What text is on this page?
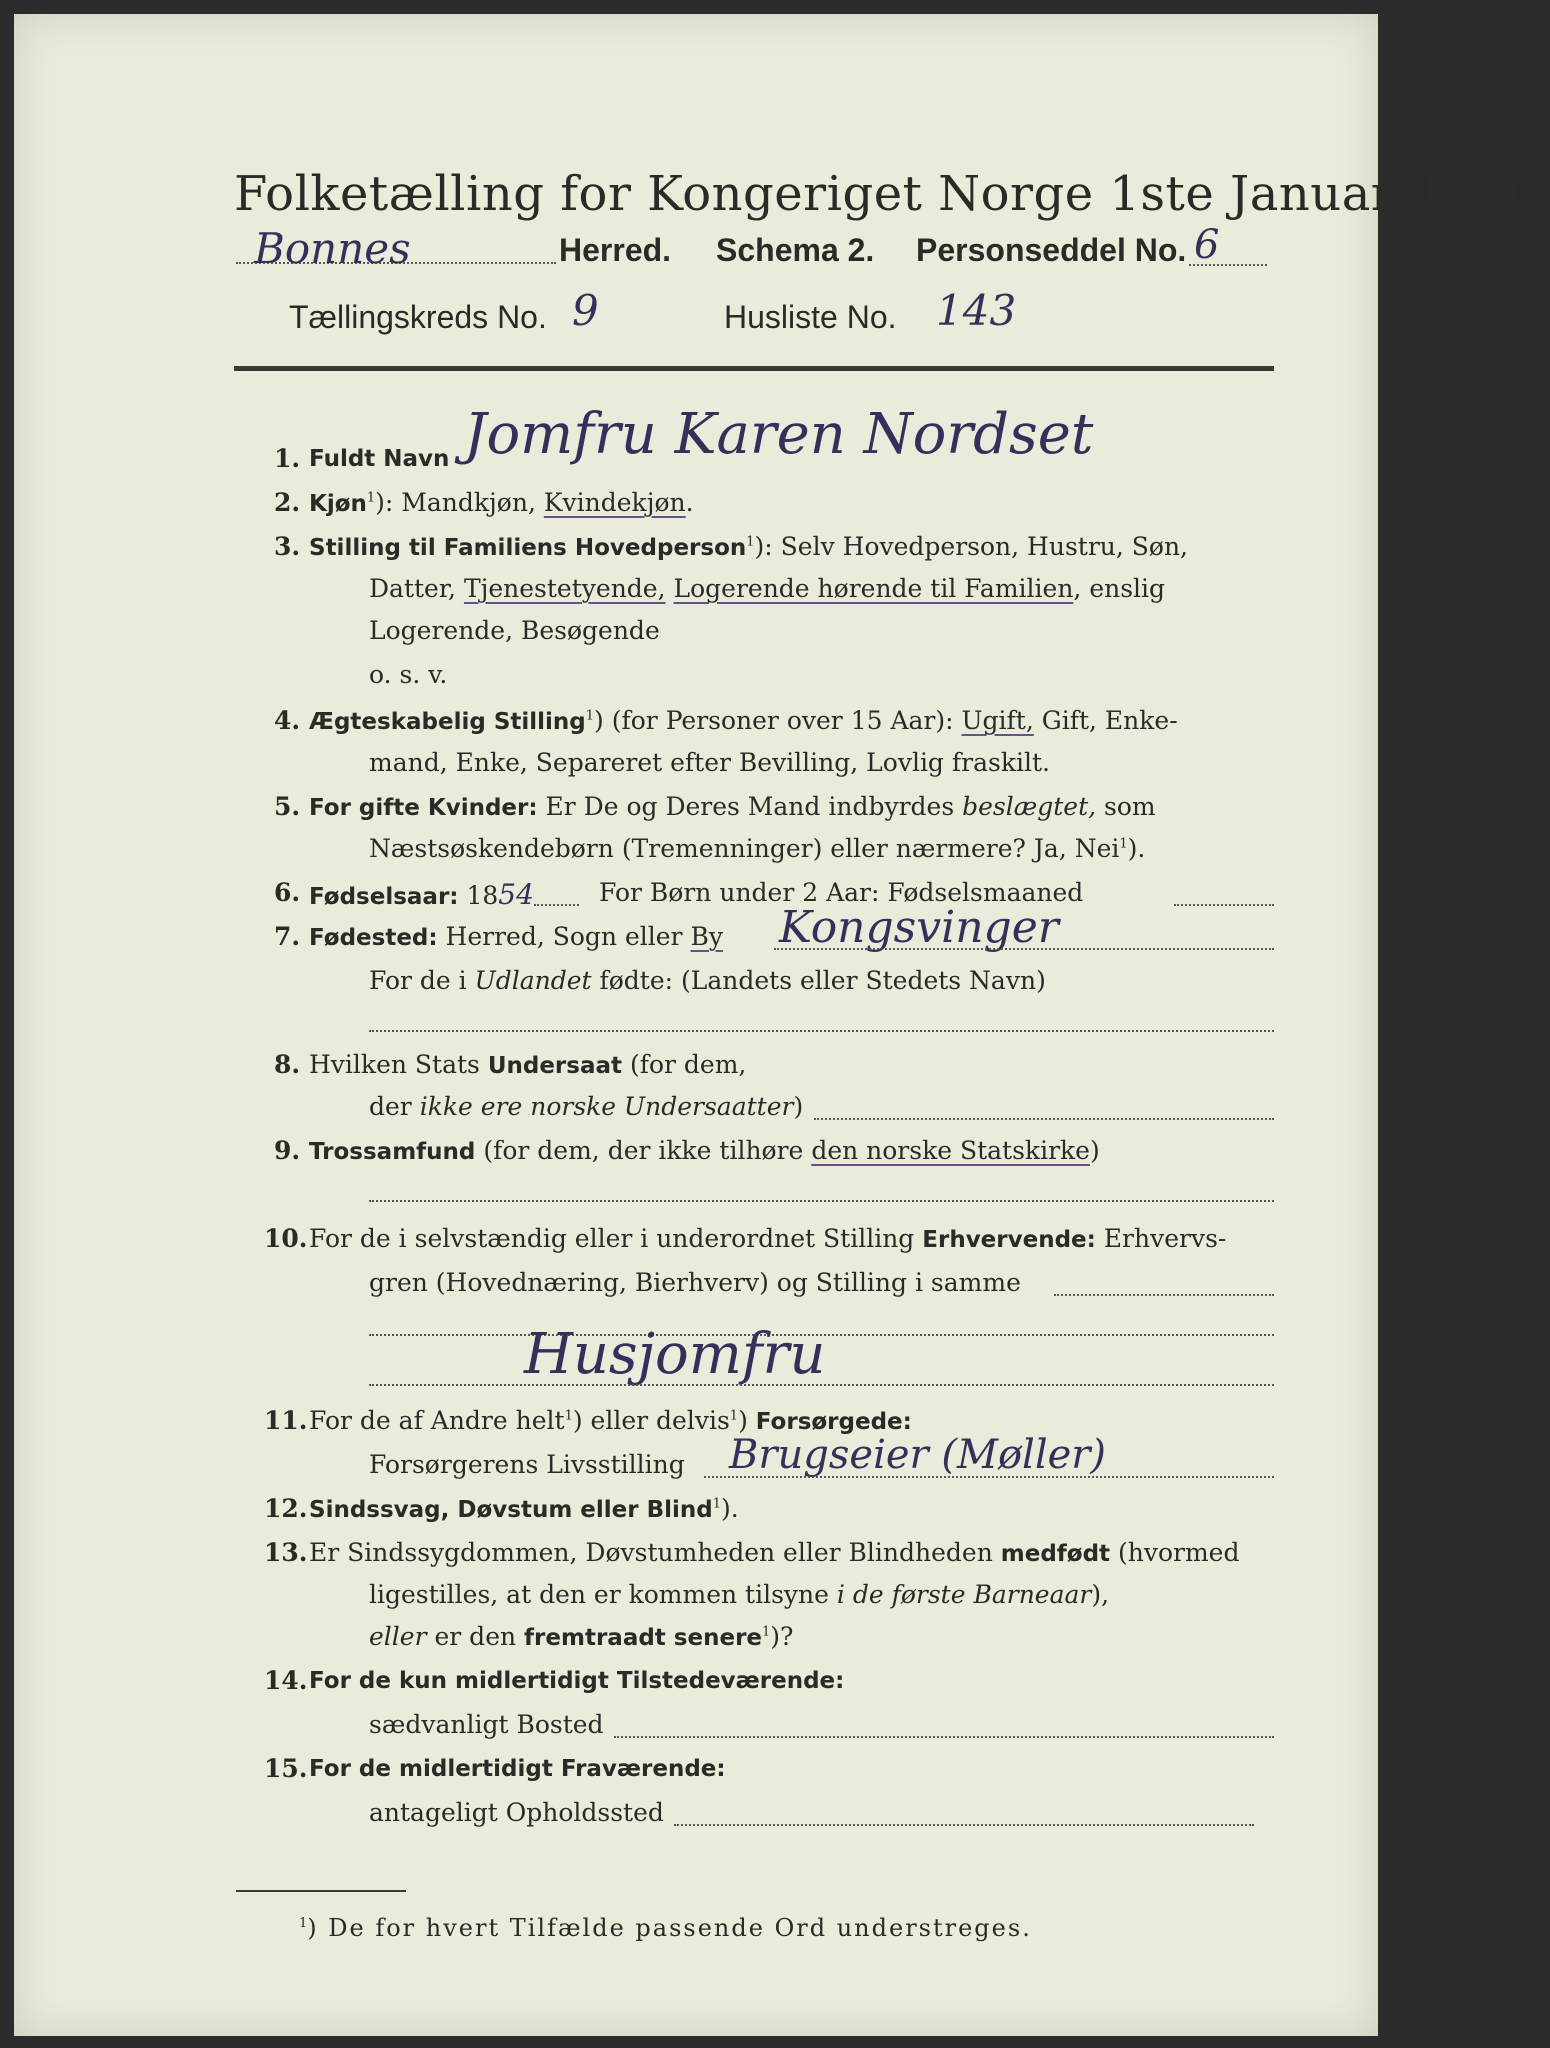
Folketælling for Kongeriget Norge 1ste Januar 1891.
Bonnes	Herred. Schema 2. Personseddel No. 6
Tællingskreds No. 9	Husliste No. 143
1. Fuldt Navn Jomfru Karen Nordset
2. Kjøn$^1$): Mandkjøn, Kvindekjøn.
3. Stilling til Familiens Hovedperson$^1$): Selv Hovedperson, Hustru, Søn,
Datter, Tjenestetyende, Logerende hørende til Familien, enslig
Logerende, Besøgende
o. s. v.
4. Ægteskabelig Stilling$^1$) (for Personer over 15 Aar): Ugift, Gift, Enke-
mand, Enke, Separeret efter Bevilling, Lovlig fraskilt.
5. For gifte Kvinder: Er De og Deres Mand indbyrdes beslægtet, som
Næstsøskendebørn (Tremenninger) eller nærmere? Ja, Nei$^1$).
6. Fødselsaar: 1854	For Børn under 2 Aar: Fødselsmaaned
7. Fødested: Herred, Sogn eller By Kongsvinger
For de i Udlandet fødte: (Landets eller Stedets Navn)
8. Hvilken Stats Undersaat (for dem,
der ikke ere norske Undersaatter)
9. Trossamfund (for dem, der ikke tilhøre den norske Statskirke)
10. For de i selvstændig eller i underordnet Stilling Erhvervende: Erhvervs-
gren (Hovednæring, Bierhverv) og Stilling i samme
Husjomfru
11. For de af Andre helt$^1$) eller delvis$^1$) Forsørgede:
Forsørgerens Livsstilling Brugseier (Møller)
12. Sindssvag, Døvstum eller Blind$^1$).
13. Er Sindssygdommen, Døvstumheden eller Blindheden medfødt (hvormed
ligestilles, at den er kommen tilsyne i de første Barneaar),
eller er den fremtraadt senere$^1$)?
14. For de kun midlertidigt Tilstedeværende:
sædvanligt Bosted
15. For de midlertidigt Fraværende:
antageligt Opholdssted
$^1$) De for hvert Tilfælde passende Ord understreges.
